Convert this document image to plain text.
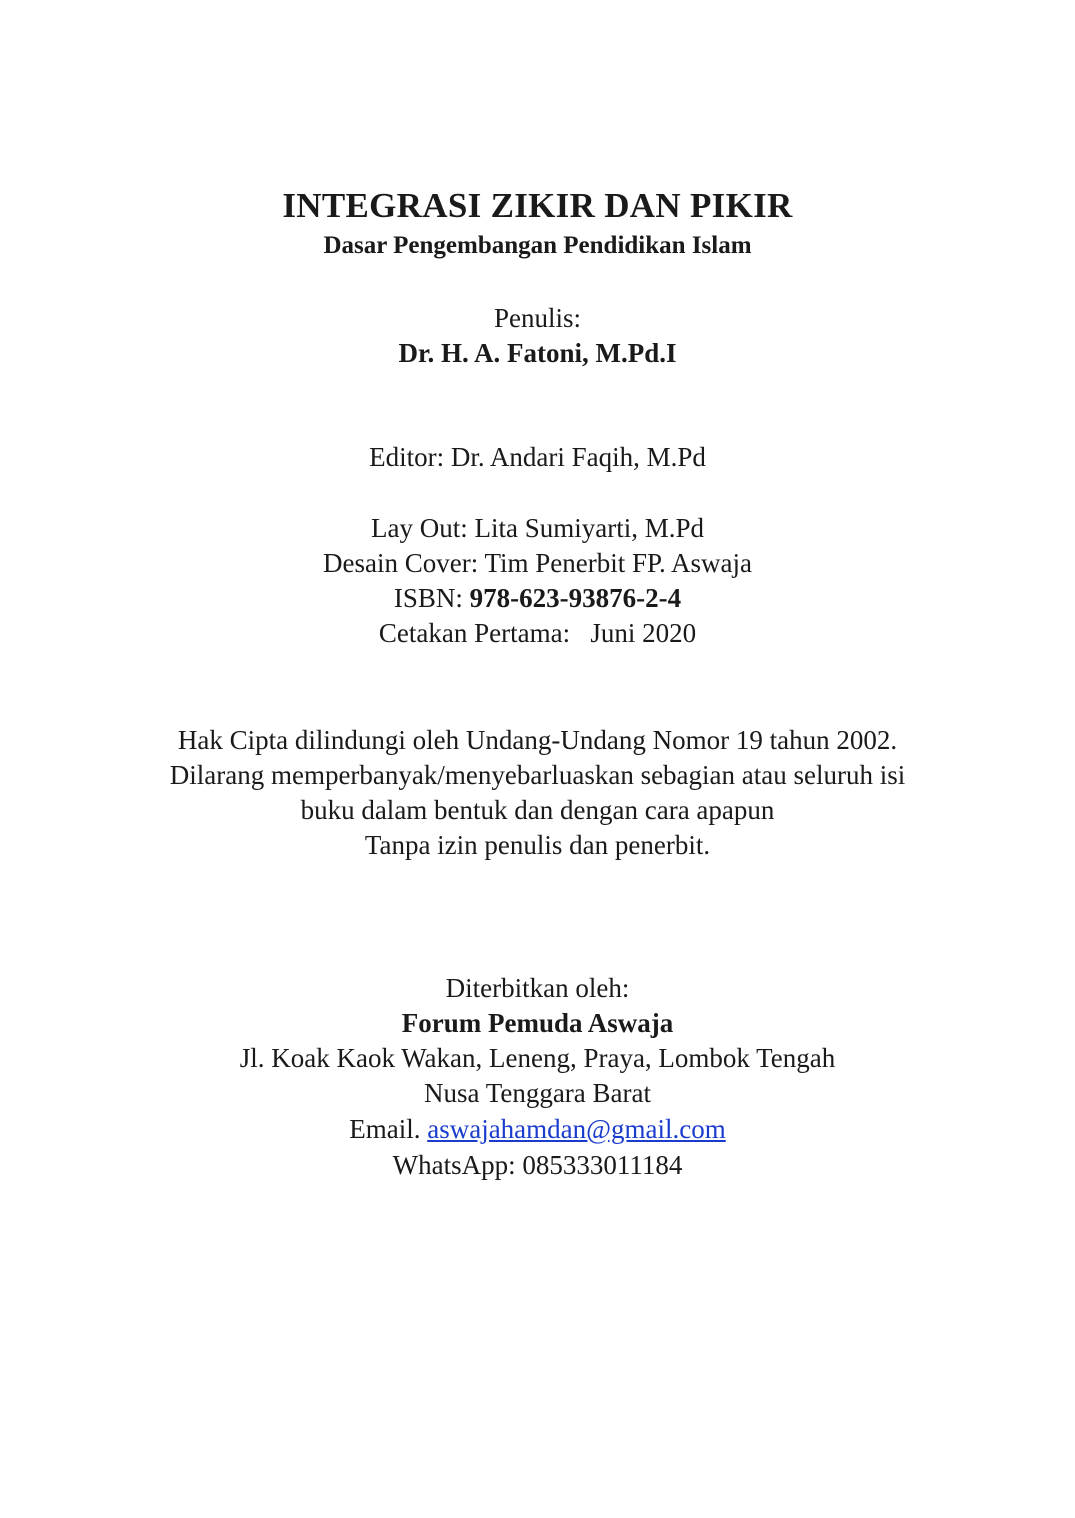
INTEGRASI ZIKIR DAN PIKIR
Dasar Pengembangan Pendidikan Islam
Penulis:
Dr. H. A. Fatoni, M.Pd.I
Editor: Dr. Andari Faqih, M.Pd
Lay Out: Lita Sumiyarti, M.Pd
Desain Cover: Tim Penerbit FP. Aswaja
ISBN: 978-623-93876-2-4
Cetakan Pertama:   Juni 2020
Hak Cipta dilindungi oleh Undang-Undang Nomor 19 tahun 2002.
Dilarang memperbanyak/menyebarluaskan sebagian atau seluruh isi
buku dalam bentuk dan dengan cara apapun
Tanpa izin penulis dan penerbit.
Diterbitkan oleh:
Forum Pemuda Aswaja
Jl. Koak Kaok Wakan, Leneng, Praya, Lombok Tengah
Nusa Tenggara Barat
Email. aswajahamdan@gmail.com
WhatsApp: 085333011184
